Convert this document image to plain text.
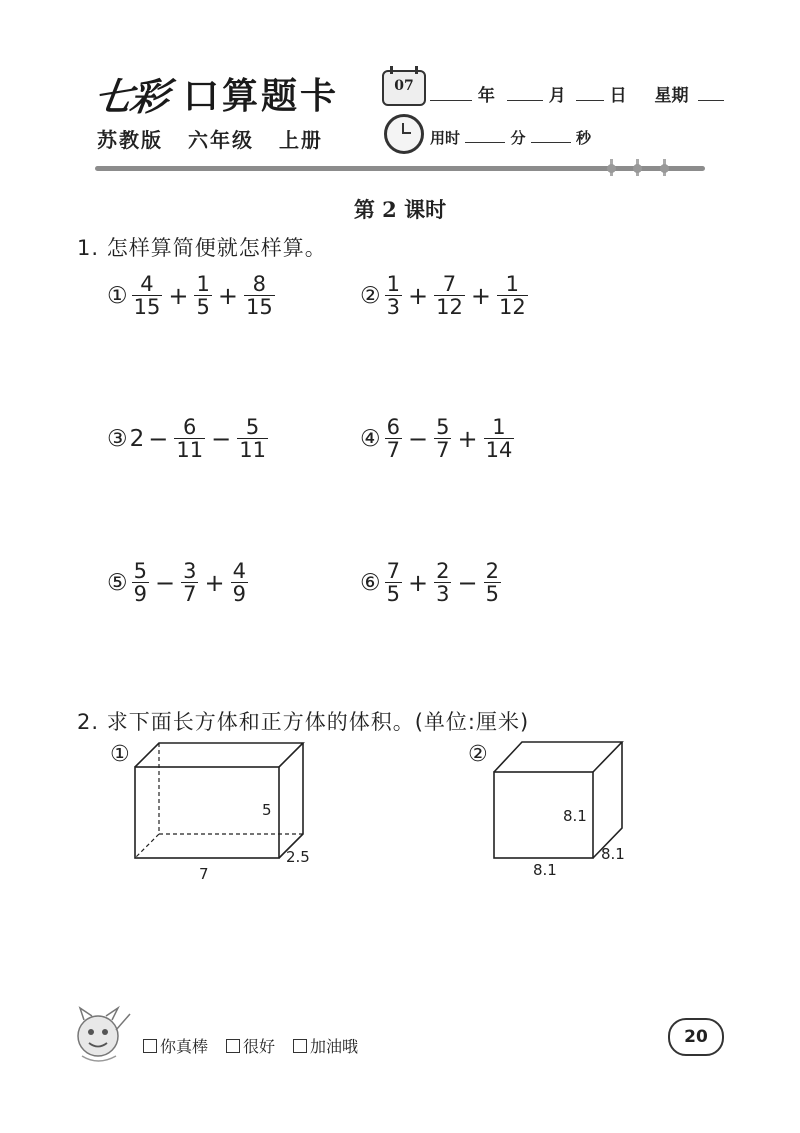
七彩 口算题卡
苏教版 六年级 上册
07	年	月	日 星期
用时	分	秒
第 2 课时
1. 怎样算简便就怎样算。
① $\frac{4}{15} + \frac{1}{5} + \frac{8}{15}$	② $\frac{1}{3} + \frac{7}{12} + \frac{1}{12}$
③ $2 - \frac{6}{11} - \frac{5}{11}$	④ $\frac{6}{7} - \frac{5}{7} + \frac{1}{14}$
⑤ $\frac{5}{9} - \frac{3}{7} + \frac{4}{9}$	⑥ $\frac{7}{5} + \frac{2}{3} - \frac{2}{5}$
2. 求下面长方体和正方体的体积。(单位:厘米)
①
5
2.5
7
②
8.1
8.1
8.1
你真棒	很好	加油哦	20
